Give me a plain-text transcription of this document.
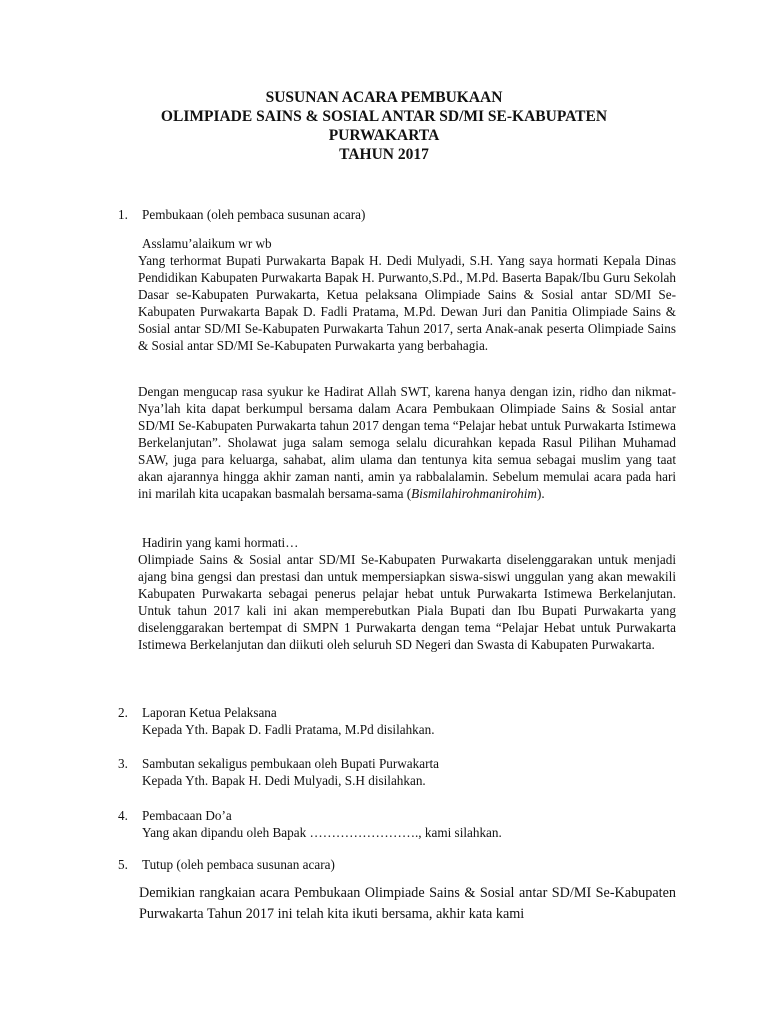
SUSUNAN ACARA PEMBUKAAN
OLIMPIADE SAINS & SOSIAL ANTAR SD/MI SE-KABUPATEN
PURWAKARTA
TAHUN 2017
1.	Pembukaan (oleh pembaca susunan acara)
Asslamu’alaikum wr wb
Yang terhormat Bupati Purwakarta Bapak H. Dedi Mulyadi, S.H. Yang saya hormati Kepala Dinas Pendidikan Kabupaten Purwakarta Bapak H. Purwanto,S.Pd., M.Pd. Baserta Bapak/Ibu Guru Sekolah Dasar se-Kabupaten Purwakarta, Ketua pelaksana Olimpiade Sains & Sosial antar SD/MI Se-Kabupaten Purwakarta Bapak D. Fadli Pratama, M.Pd. Dewan Juri dan Panitia Olimpiade Sains & Sosial antar SD/MI Se-Kabupaten Purwakarta Tahun 2017, serta Anak-anak peserta Olimpiade Sains & Sosial antar SD/MI Se-Kabupaten Purwakarta yang berbahagia.
Dengan mengucap rasa syukur ke Hadirat Allah SWT, karena hanya dengan izin, ridho dan nikmat-Nya’lah kita dapat berkumpul bersama dalam Acara Pembukaan Olimpiade Sains & Sosial antar SD/MI Se-Kabupaten Purwakarta tahun 2017 dengan tema “Pelajar hebat untuk Purwakarta Istimewa Berkelanjutan”. Sholawat juga salam semoga selalu dicurahkan kepada Rasul Pilihan Muhamad SAW, juga para keluarga, sahabat, alim ulama dan tentunya kita semua sebagai muslim yang taat akan ajarannya hingga akhir zaman nanti, amin ya rabbalalamin. Sebelum memulai acara pada hari ini marilah kita ucapakan basmalah bersama-sama (Bismilahirohmanirohim).
Hadirin yang kami hormati…
Olimpiade Sains & Sosial antar SD/MI Se-Kabupaten Purwakarta diselenggarakan untuk menjadi ajang bina gengsi dan prestasi dan untuk mempersiapkan siswa-siswi unggulan yang akan mewakili Kabupaten Purwakarta sebagai penerus pelajar hebat untuk Purwakarta Istimewa Berkelanjutan. Untuk tahun 2017 kali ini akan memperebutkan Piala Bupati dan Ibu Bupati Purwakarta yang diselenggarakan bertempat di SMPN 1 Purwakarta dengan tema “Pelajar Hebat untuk Purwakarta Istimewa Berkelanjutan dan diikuti oleh seluruh SD Negeri dan Swasta di Kabupaten Purwakarta.
2.	Laporan Ketua Pelaksana
Kepada Yth. Bapak D. Fadli Pratama, M.Pd disilahkan.
3.	Sambutan sekaligus pembukaan oleh Bupati Purwakarta
Kepada Yth. Bapak H. Dedi Mulyadi, S.H disilahkan.
4.	Pembacaan Do’a
Yang akan dipandu oleh Bapak ……………………., kami silahkan.
5.	Tutup (oleh pembaca susunan acara)
Demikian rangkaian acara Pembukaan Olimpiade Sains & Sosial antar SD/MI Se-Kabupaten Purwakarta Tahun 2017 ini telah kita ikuti bersama, akhir kata kami
